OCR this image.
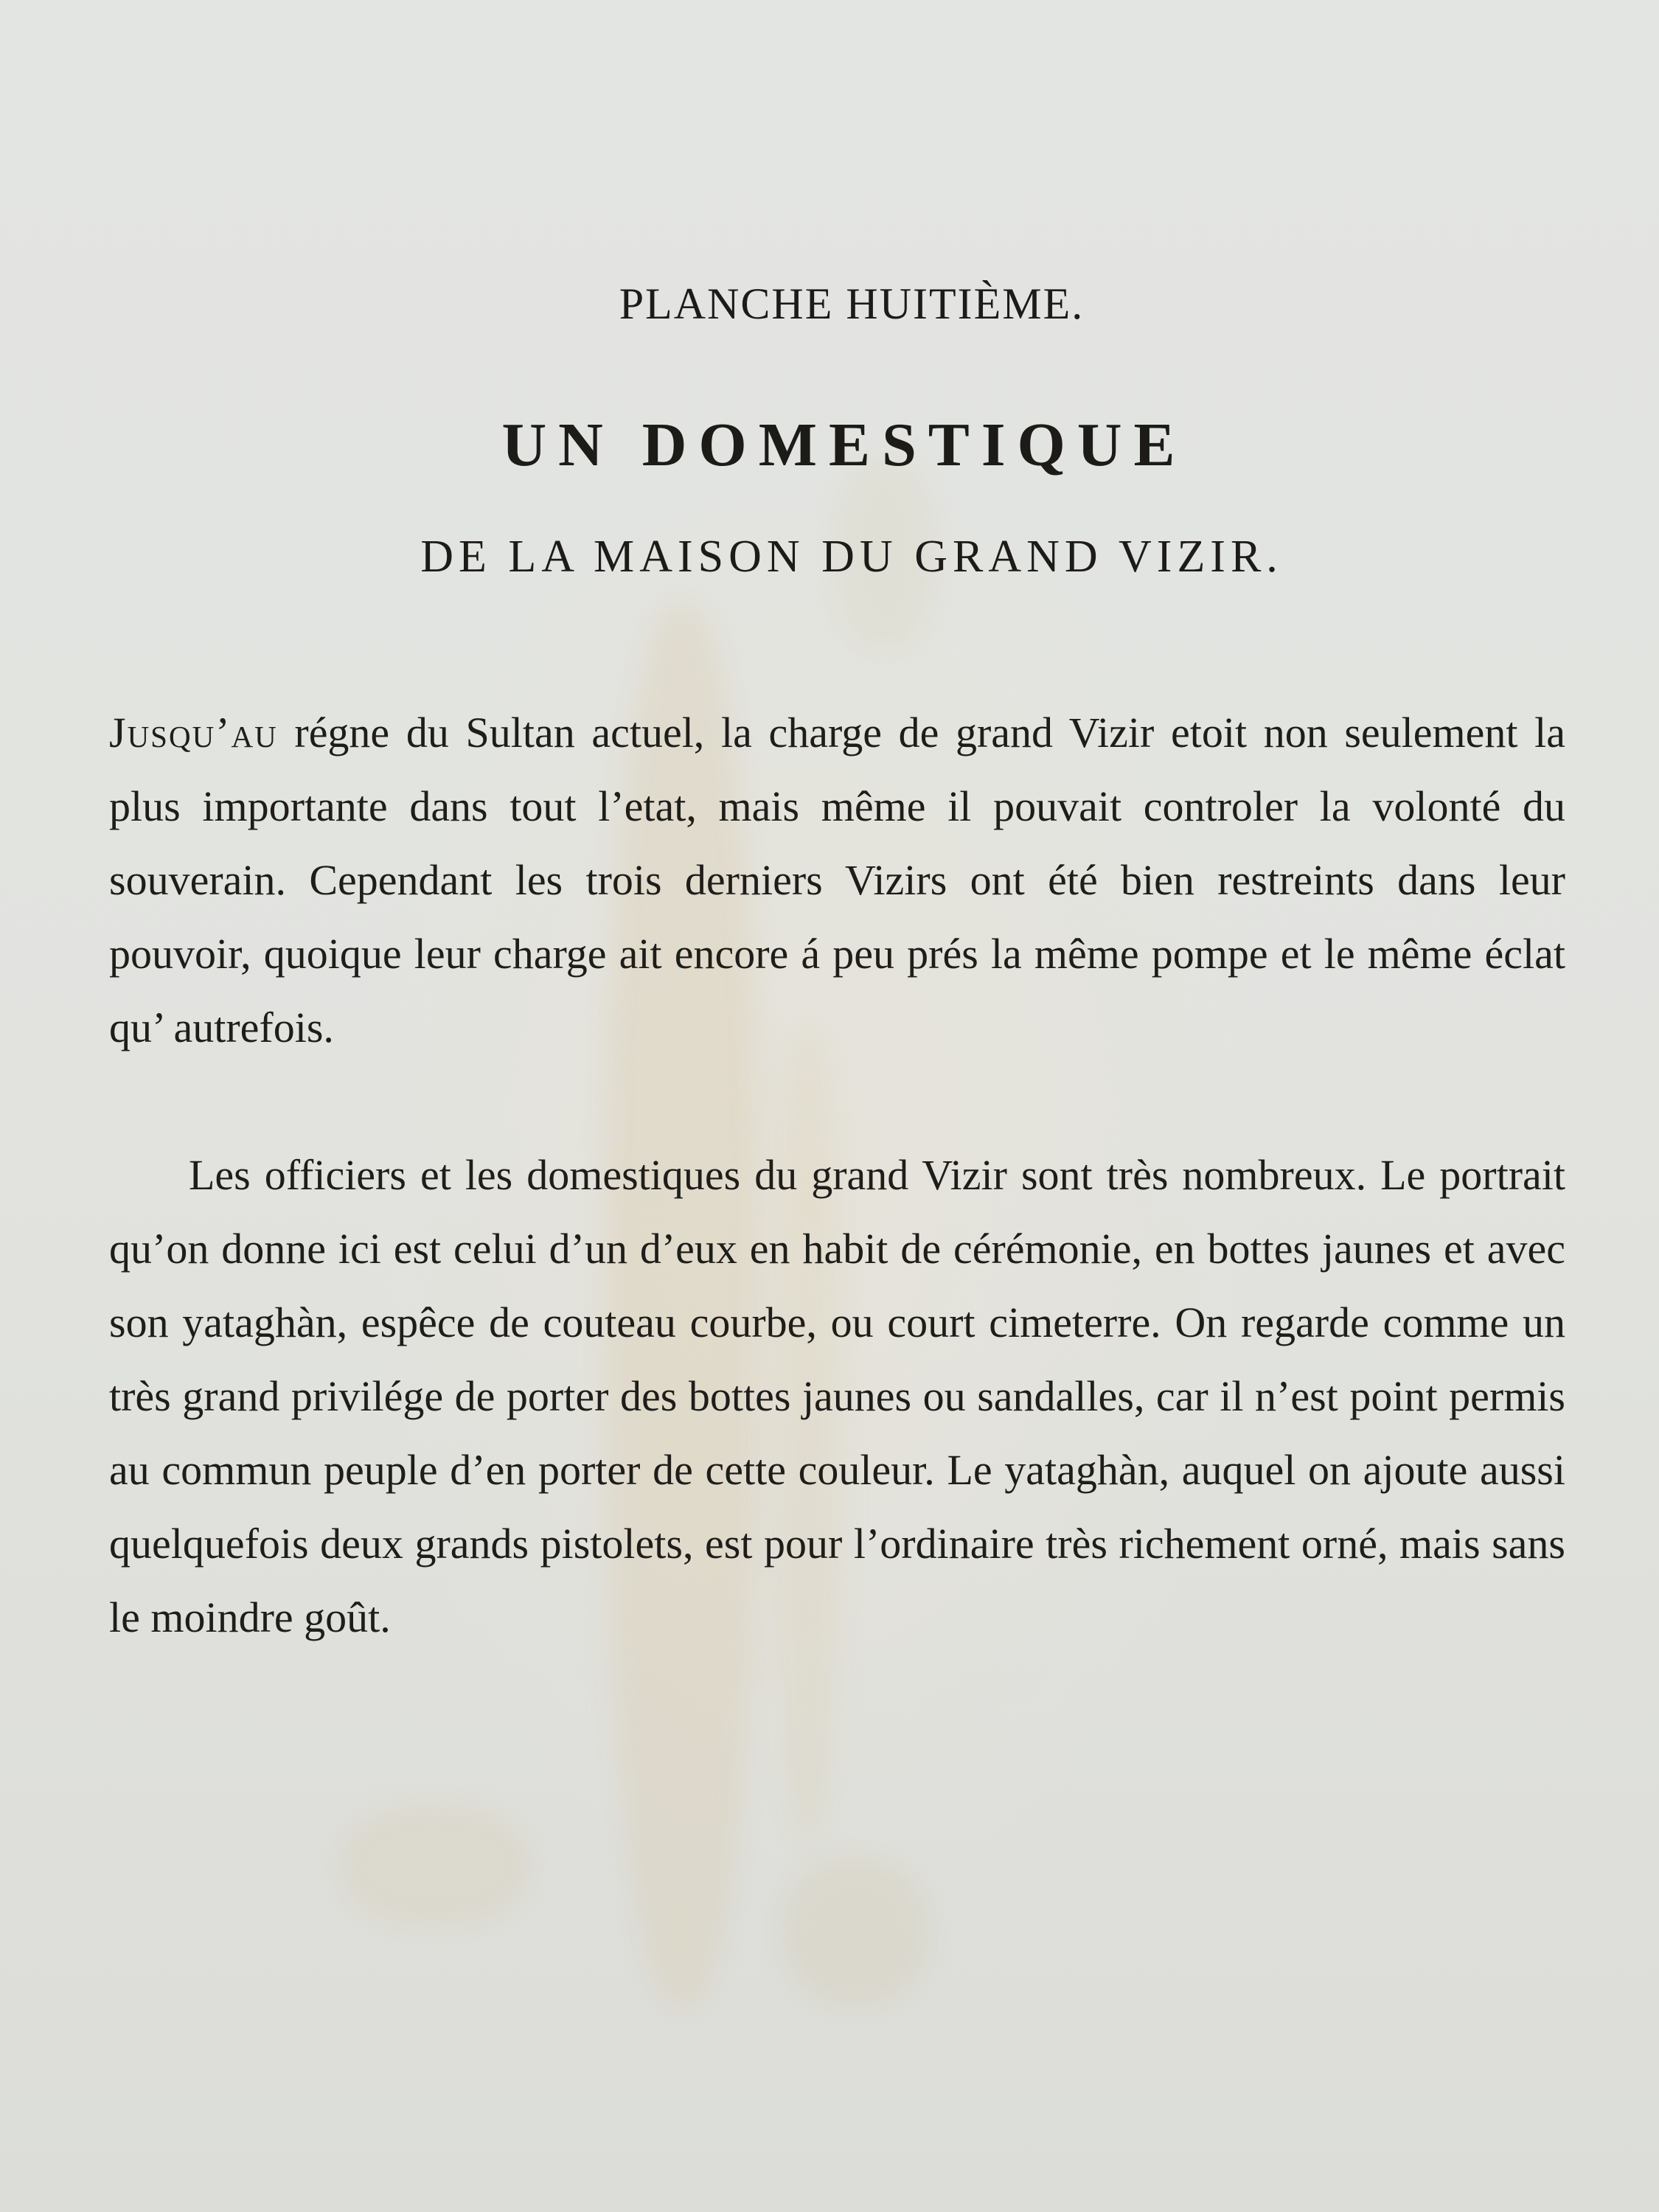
PLANCHE HUITIÈME.
UN DOMESTIQUE
DE LA MAISON DU GRAND VIZIR.

Jusqu’au régne du Sultan actuel, la charge de grand Vizir etoit non seulement la plus importante dans tout l’etat, mais même il pouvait controler la volonté du souverain. Cependant les trois derniers Vizirs ont été bien restreints dans leur pouvoir, quoique leur charge ait encore á peu prés la même pompe et le même éclat qu’ autrefois.

Les officiers et les domestiques du grand Vizir sont très nombreux. Le portrait qu’on donne ici est celui d’un d’eux en habit de cérémonie, en bottes jaunes et avec son yataghàn, espêce de couteau courbe, ou court cimeterre. On regarde comme un très grand privilége de porter des bottes jaunes ou sandalles, car il n’est point permis au commun peuple d’en porter de cette couleur. Le yataghàn, auquel on ajoute aussi quelquefois deux grands pistolets, est pour l’ordinaire très richement orné, mais sans le moindre goût.
